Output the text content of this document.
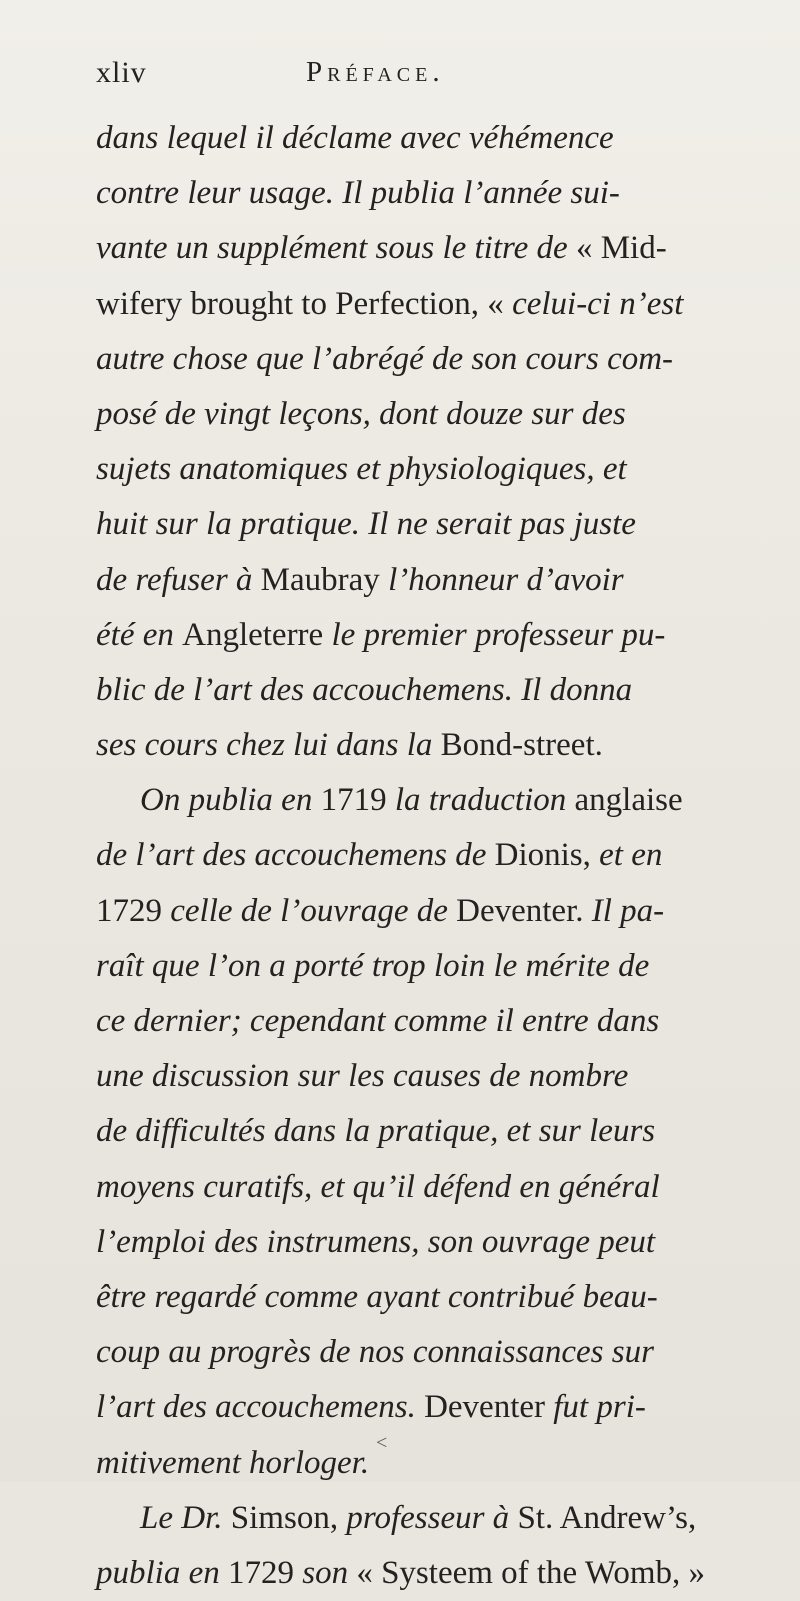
xliv	Préface.
dans lequel il déclame avec véhémence
contre leur usage. Il publia l’année sui-
vante un supplément sous le titre de « Mid-
wifery brought to Perfection, « celui-ci n’est
autre chose que l’abrégé de son cours com-
posé de vingt leçons, dont douze sur des
sujets anatomiques et physiologiques, et
huit sur la pratique. Il ne serait pas juste
de refuser à Maubray l’honneur d’avoir
été en Angleterre le premier professeur pu-
blic de l’art des accouchemens. Il donna
ses cours chez lui dans la Bond-street.
On publia en 1719 la traduction anglaise
de l’art des accouchemens de Dionis, et en
1729 celle de l’ouvrage de Deventer. Il pa-
raît que l’on a porté trop loin le mérite de
ce dernier; cependant comme il entre dans
une discussion sur les causes de nombre
de difficultés dans la pratique, et sur leurs
moyens curatifs, et qu’il défend en général
l’emploi des instrumens, son ouvrage peut
être regardé comme ayant contribué beau-
coup au progrès de nos connaissances sur
l’art des accouchemens. Deventer fut pri-
mitivement horloger.
Le Dr. Simson, professeur à St. Andrew’s,
publia en 1729 son « Systeem of the Womb, »
<
